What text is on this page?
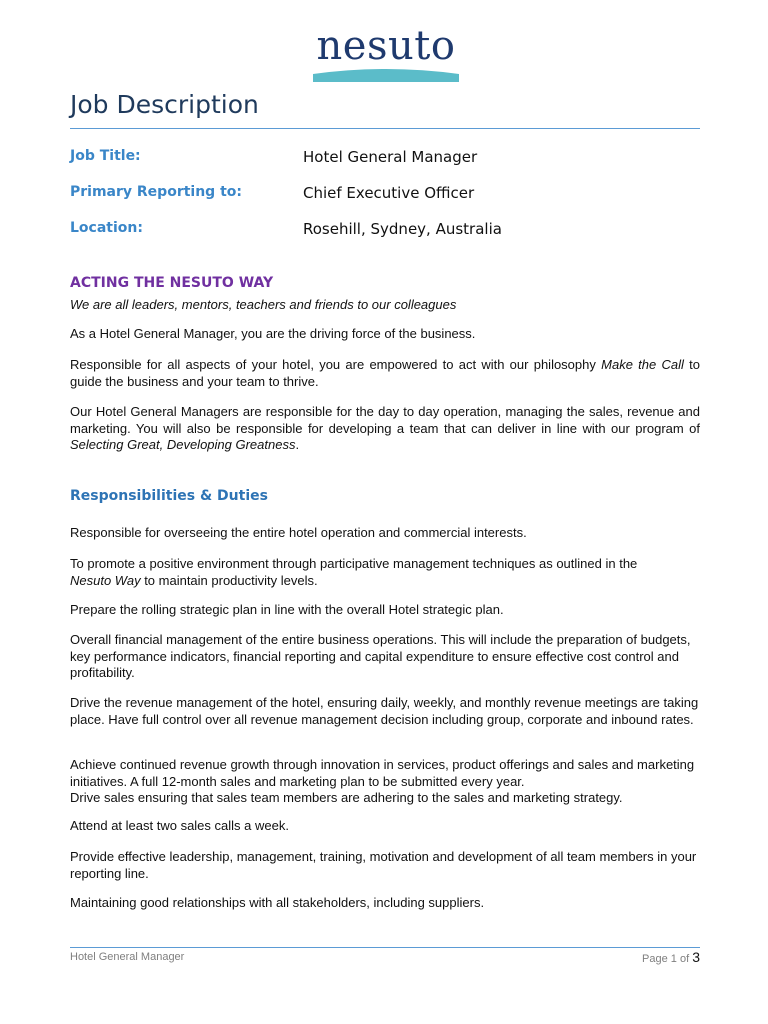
nesuto
Job Description
Job Title:	Hotel General Manager
Primary Reporting to:	Chief Executive Officer
Location:	Rosehill, Sydney, Australia
ACTING THE NESUTO WAY

We are all leaders, mentors, teachers and friends to our colleagues

As a Hotel General Manager, you are the driving force of the business.

Responsible for all aspects of your hotel, you are empowered to act with our philosophy Make the Call to guide the business and your team to thrive.

Our Hotel General Managers are responsible for the day to day operation, managing the sales, revenue and marketing. You will also be responsible for developing a team that can deliver in line with our program of Selecting Great, Developing Greatness.

Responsibilities & Duties

Responsible for overseeing the entire hotel operation and commercial interests.

To promote a positive environment through participative management techniques as outlined in the Nesuto Way to maintain productivity levels.

Prepare the rolling strategic plan in line with the overall Hotel strategic plan.

Overall financial management of the entire business operations. This will include the preparation of budgets, key performance indicators, financial reporting and capital expenditure to ensure effective cost control and profitability.

Drive the revenue management of the hotel, ensuring daily, weekly, and monthly revenue meetings are taking place. Have full control over all revenue management decision including group, corporate and inbound rates.

Achieve continued revenue growth through innovation in services, product offerings and sales and marketing initiatives. A full 12-month sales and marketing plan to be submitted every year.
Drive sales ensuring that sales team members are adhering to the sales and marketing strategy.

Attend at least two sales calls a week.

Provide effective leadership, management, training, motivation and development of all team members in your reporting line.

Maintaining good relationships with all stakeholders, including suppliers.

Hotel General Manager	Page 1 of 3
